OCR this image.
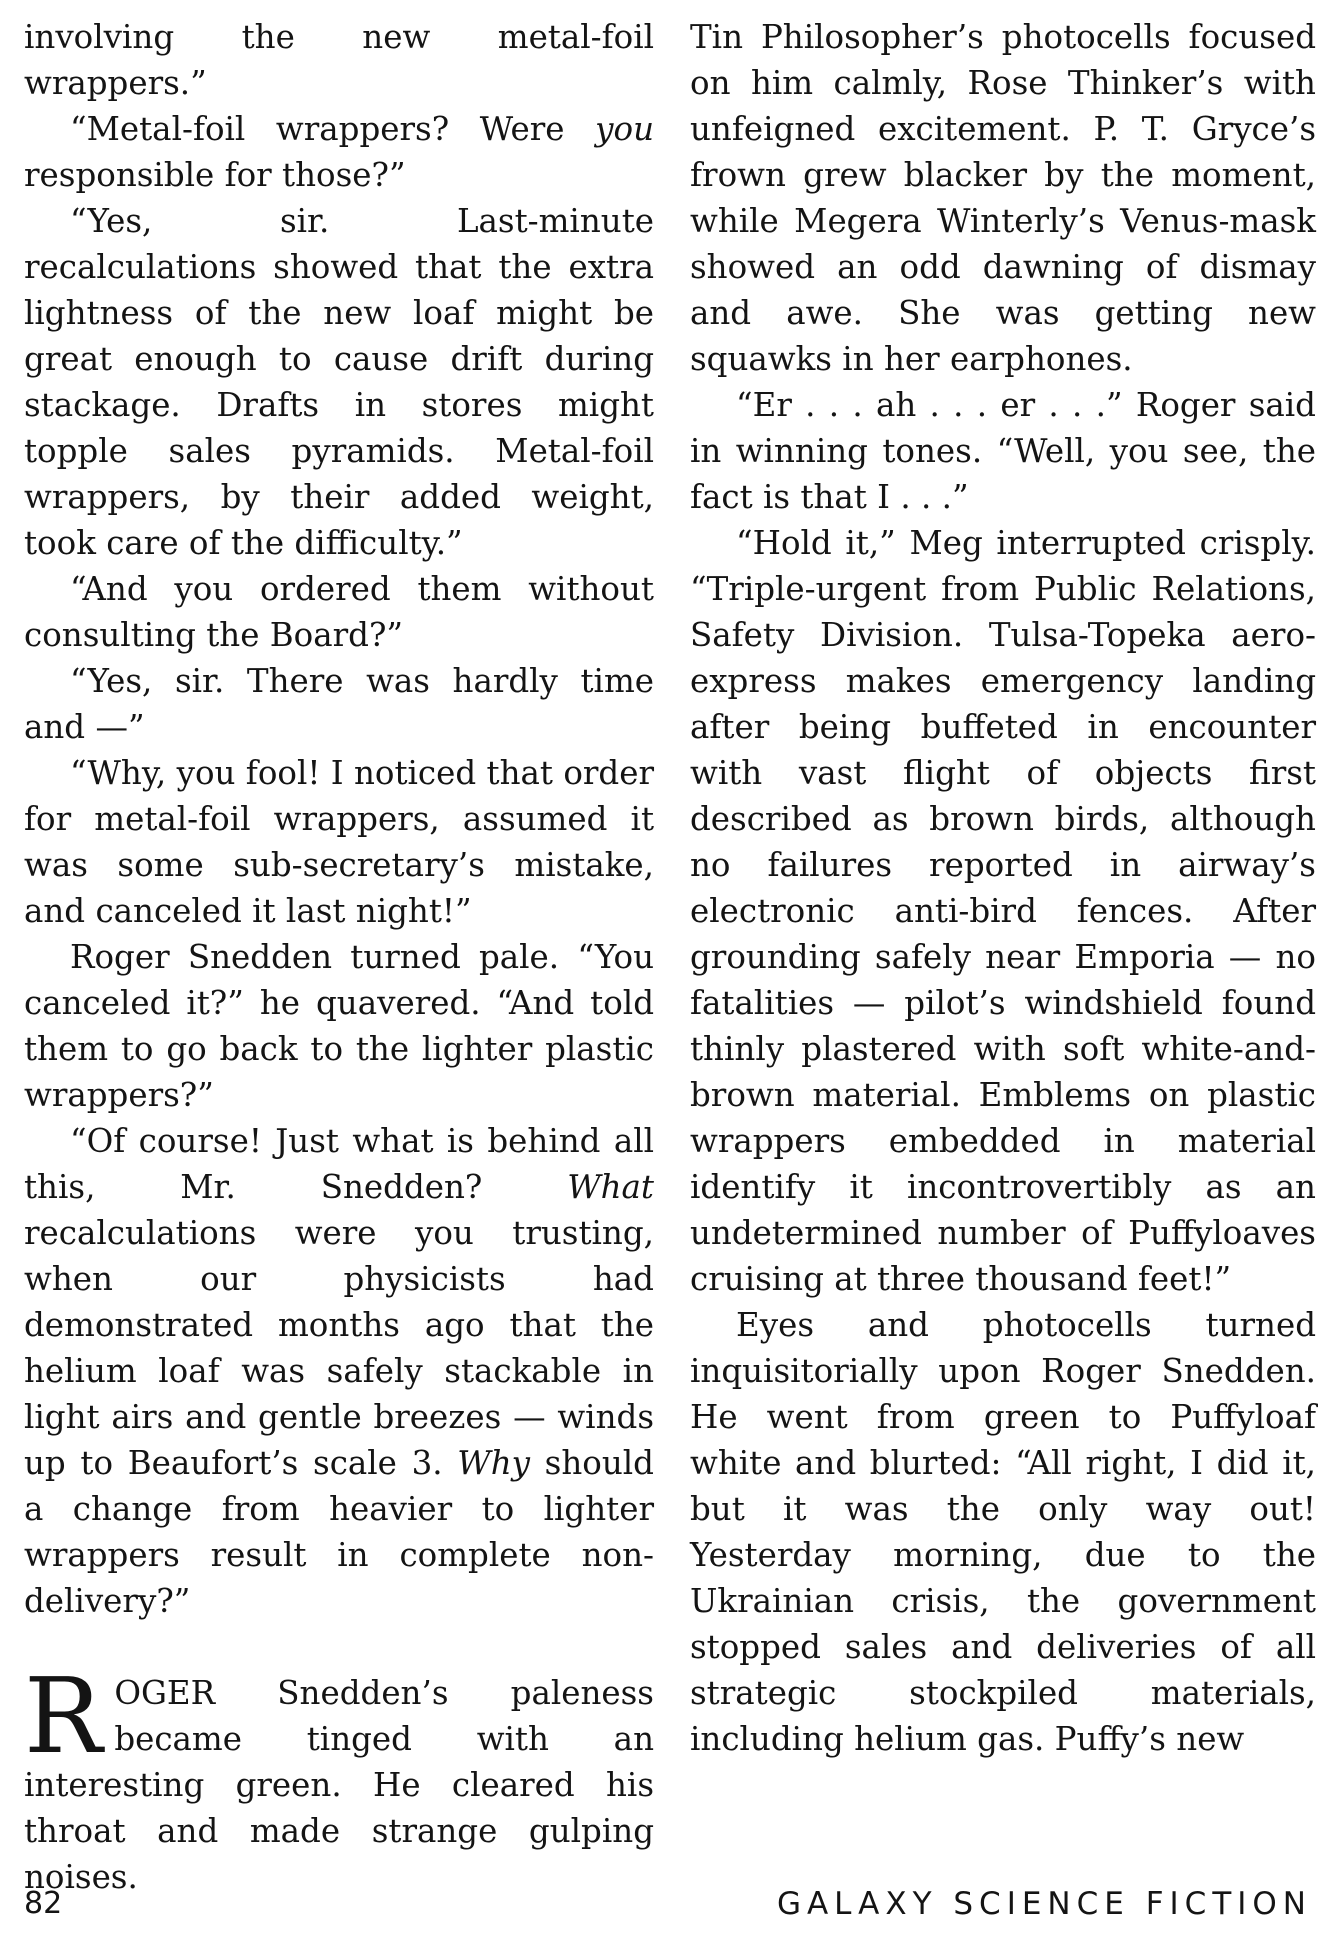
involving the new metal-foil wrappers.”

“Metal-foil wrappers? Were you responsible for those?”

“Yes, sir. Last-minute recalculations showed that the extra lightness of the new loaf might be great enough to cause drift during stackage. Drafts in stores might topple sales pyramids. Metal-foil wrappers, by their added weight, took care of the difficulty.”

“And you ordered them without consulting the Board?”

“Yes, sir. There was hardly time and —”

“Why, you fool! I noticed that order for metal-foil wrappers, assumed it was some sub-secretary’s mistake, and canceled it last night!”

Roger Snedden turned pale. “You canceled it?” he quavered. “And told them to go back to the lighter plastic wrappers?”

“Of course! Just what is behind all this, Mr. Snedden? What recalculations were you trusting, when our physicists had demonstrated months ago that the helium loaf was safely stackable in light airs and gentle breezes — winds up to Beaufort’s scale 3. Why should a change from heavier to lighter wrappers result in complete non-delivery?”

ROGER Snedden’s paleness became tinged with an interesting green. He cleared his throat and made strange gulping noises.

Tin Philosopher’s photocells focused on him calmly, Rose Thinker’s with unfeigned excitement. P. T. Gryce’s frown grew blacker by the moment, while Megera Winterly’s Venus-mask showed an odd dawning of dismay and awe. She was getting new squawks in her earphones.

“Er . . . ah . . . er . . .” Roger said in winning tones. “Well, you see, the fact is that I . . .”

“Hold it,” Meg interrupted crisply. “Triple-urgent from Public Relations, Safety Division. Tulsa-Topeka aero-express makes emergency landing after being buffeted in encounter with vast flight of objects first described as brown birds, although no failures reported in airway’s electronic anti-bird fences. After grounding safely near Emporia — no fatalities — pilot’s windshield found thinly plastered with soft white-and-brown material. Emblems on plastic wrappers embedded in material identify it incontrovertibly as an undetermined number of Puffyloaves cruising at three thousand feet!”

Eyes and photocells turned inquisitorially upon Roger Snedden. He went from green to Puffyloaf white and blurted: “All right, I did it, but it was the only way out! Yesterday morning, due to the Ukrainian crisis, the government stopped sales and deliveries of all strategic stockpiled materials, including helium gas. Puffy’s new

82	GALAXY SCIENCE FICTION
